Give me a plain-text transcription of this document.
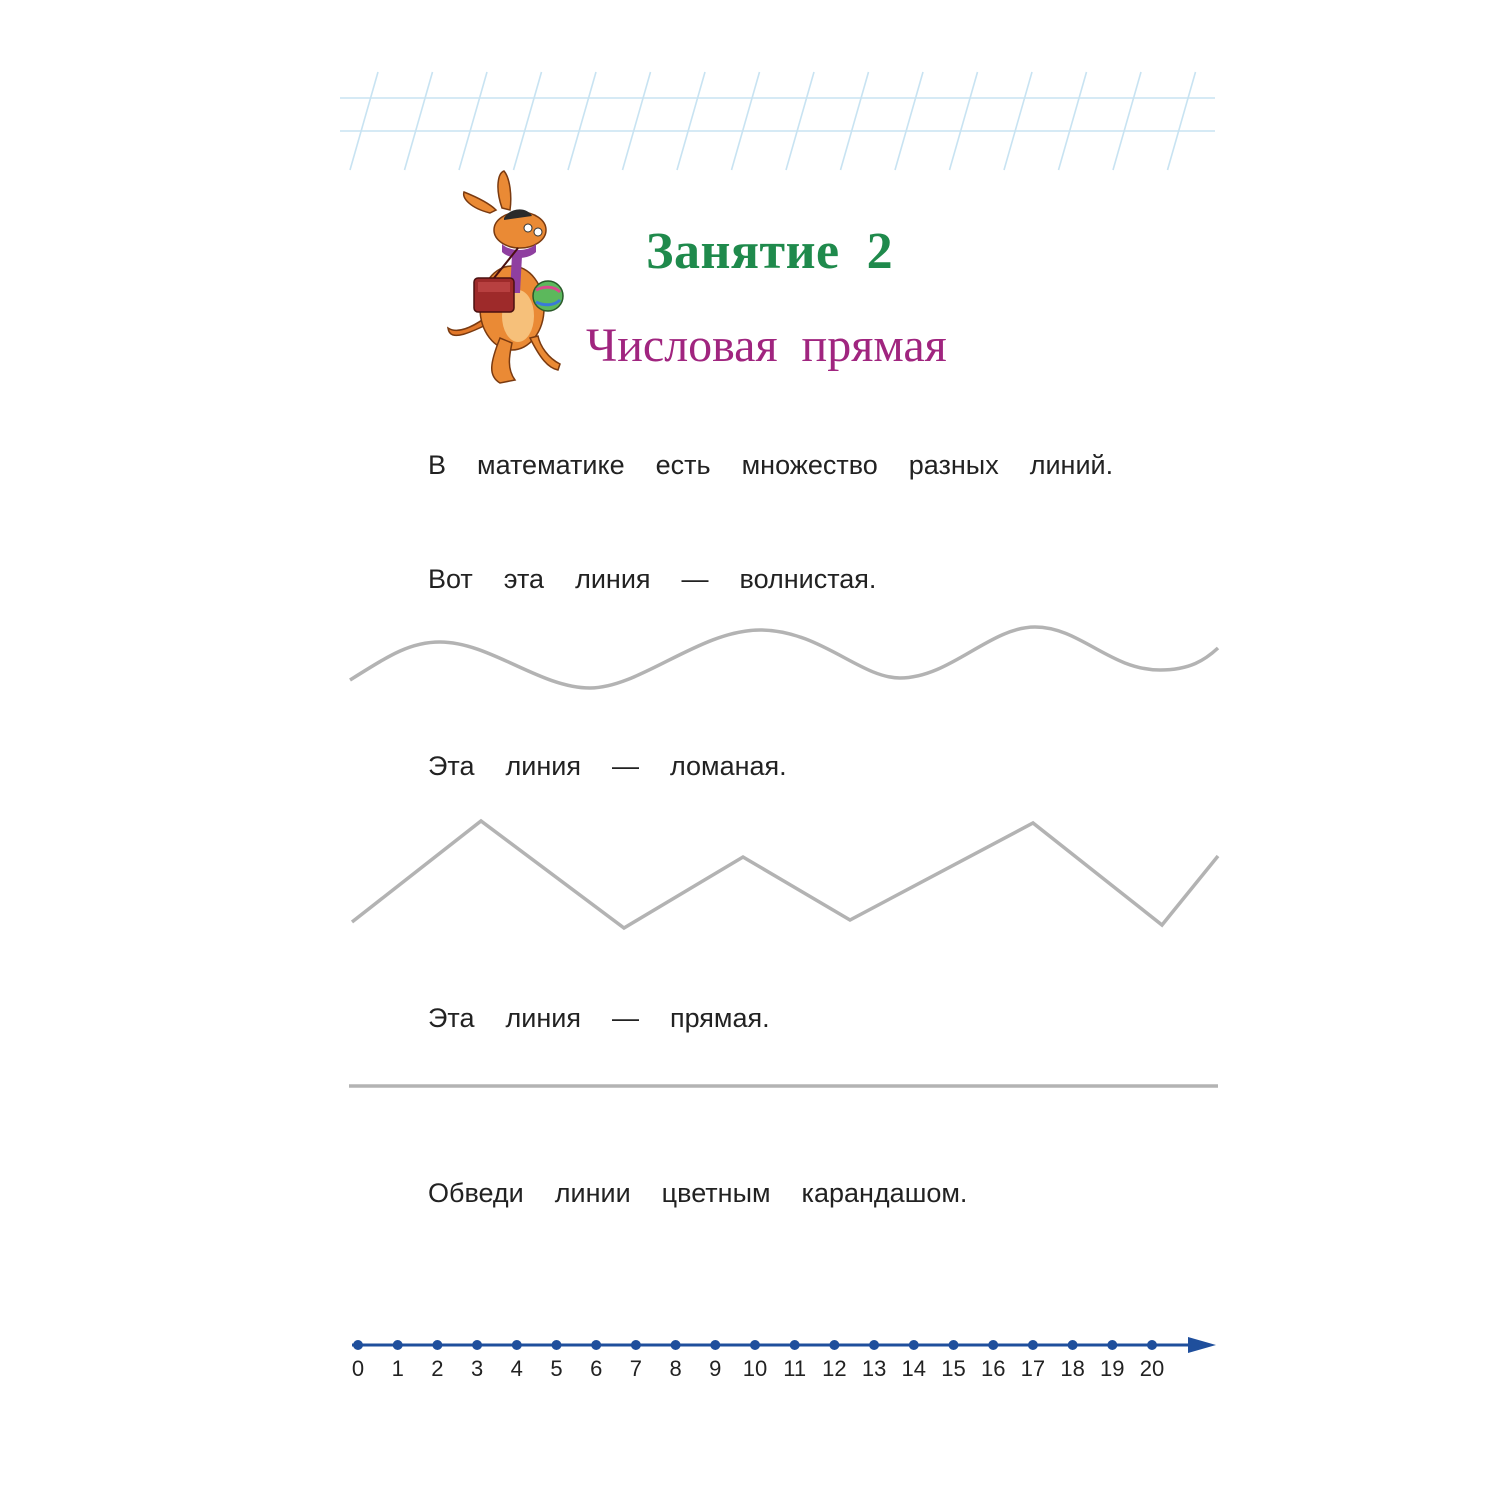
Занятие  2
Числовая  прямая
В  математике  есть  множество  разных  линий.
Вот  эта  линия  —  волнистая.
Эта  линия  —  ломаная.
Эта  линия  —  прямая.
Обведи  линии  цветным  карандашом.
0 1 2 3 4 5 6 7 8 9 10 11 12 13 14 15 16 17 18 19 20
